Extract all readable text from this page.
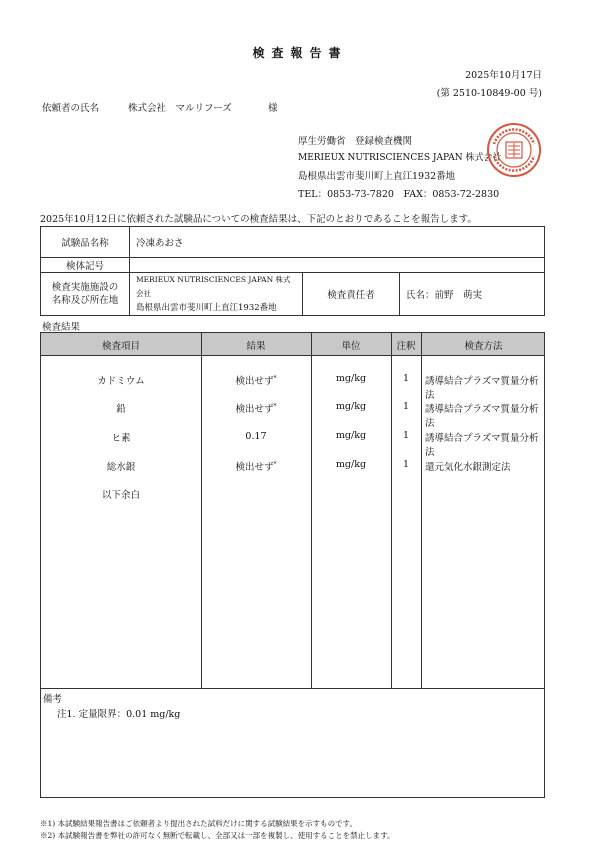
検査報告書
2025年10月17日
(第 2510-10849-00 号)
依頼者の氏名	株式会社　マルリフーズ	様
厚生労働省　登録検査機関
MERIEUX NUTRISCIENCES JAPAN 株式会社
島根県出雲市斐川町上直江1932番地
TEL：0853-73-7820　FAX：0853-72-2830
2025年10月12日に依頼された試験品についての検査結果は、下記のとおりであることを報告します。
試験品名称	冷凍あおさ		
検体記号			
検査実施施設の
名称及び所在地	MERIEUX NUTRISCIENCES JAPAN 株式会社
島根県出雲市斐川町上直江1932番地	検査責任者	氏名：前野　萌実
検査結果
検査項目	結果	単位	注釈	検査方法
カドミウム	検出せず*	mg/kg	1	誘導結合プラズマ質量分析法
鉛	検出せず*	mg/kg	1	誘導結合プラズマ質量分析法
ヒ素	0.17	mg/kg	1	誘導結合プラズマ質量分析法
総水銀	検出せず*	mg/kg	1	還元気化水銀測定法
以下余白
備考
注1. 定量限界：0.01 mg/kg
※1) 本試験結果報告書はご依頼者より提出された試料だけに関する試験結果を示すものです。
※2) 本試験報告書を弊社の許可なく無断で転載し、全部又は一部を複製し、使用することを禁止します。
